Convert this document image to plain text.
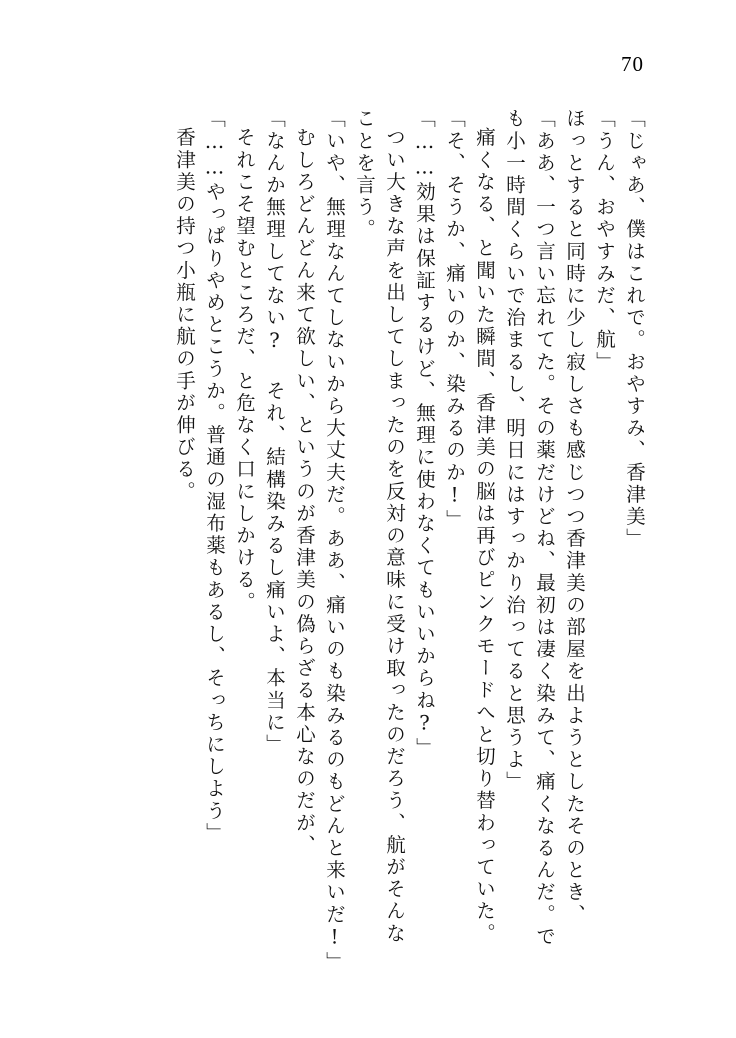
70
「じゃあ、僕はこれで。おやすみ、香津美」
「うん、おやすみだ、航」
ほっとすると同時に少し寂しさも感じつつ香津美の部屋を出ようとしたそのとき、
「ああ、一つ言い忘れてた。その薬だけどね、最初は凄く染みて、痛くなるんだ。で
も小一時間くらいで治まるし、明日にはすっかり治ってると思うよ」
痛くなる、と聞いた瞬間、香津美の脳は再びピンクモードへと切り替わっていた。
「そ、そうか、痛いのか、染みるのか!」
「……効果は保証するけど、無理に使わなくてもいいからね?」
つい大きな声を出してしまったのを反対の意味に受け取ったのだろう、航がそんな
ことを言う。
「いや、無理なんてしないから大丈夫だ。ああ、痛いのも染みるのもどんと来いだ!」
むしろどんどん来て欲しい、というのが香津美の偽らざる本心なのだが、
「なんか無理してない? それ、結構染みるし痛いよ、本当に」
それこそ望むところだ、と危なく口にしかける。
「……やっぱりやめとこうか。普通の湿布薬もあるし、そっちにしよう」
香津美の持つ小瓶に航の手が伸びる。
